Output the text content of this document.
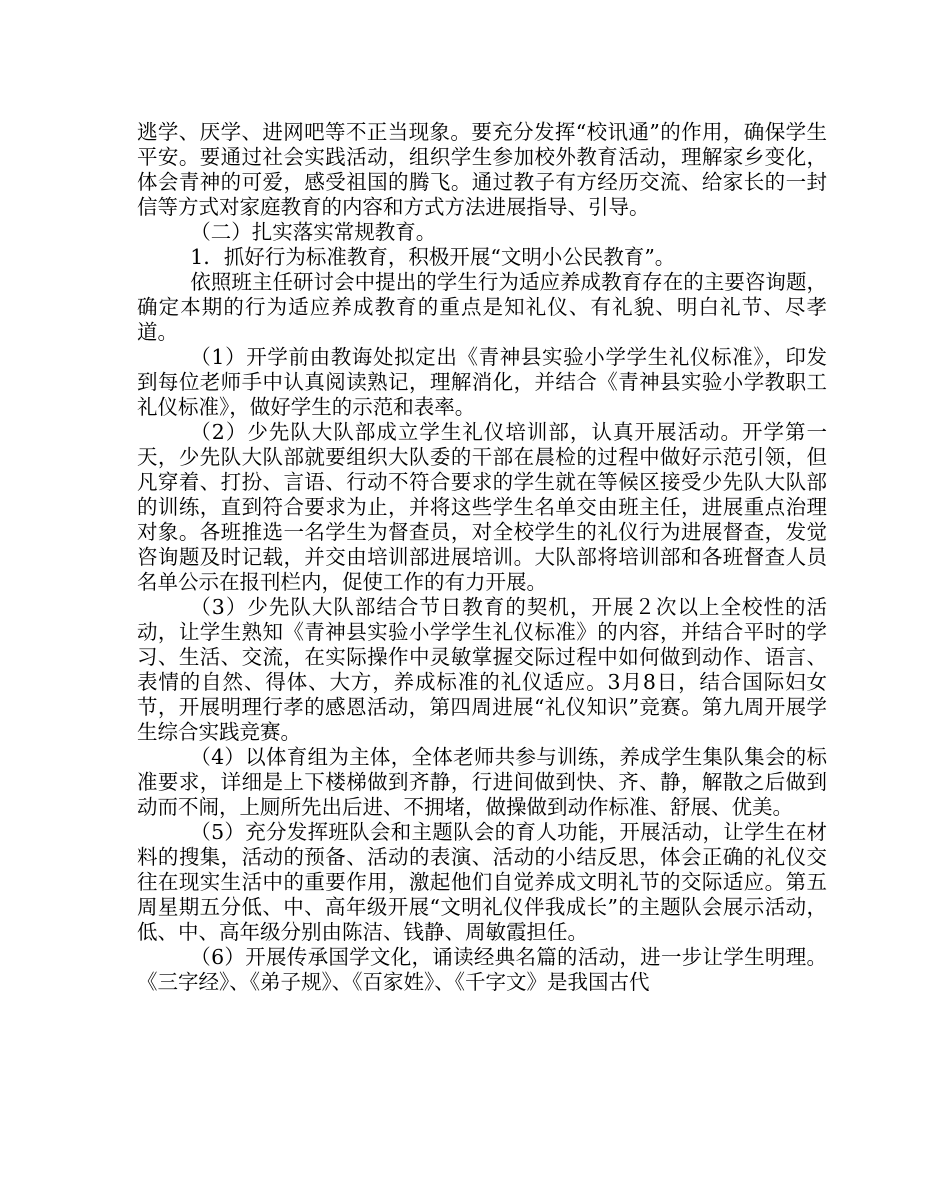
逃学、厌学、进网吧等不正当现象。要充分发挥“校讯通”的作用，确保学生平安。要通过社会实践活动，组织学生参加校外教育活动，理解家乡变化，体会青神的可爱，感受祖国的腾飞。通过教子有方经历交流、给家长的一封信等方式对家庭教育的内容和方式方法进展指导、引导。

（二）扎实落实常规教育。

1．抓好行为标准教育，积极开展“文明小公民教育”。

依照班主任研讨会中提出的学生行为适应养成教育存在的主要咨询题，确定本期的行为适应养成教育的重点是知礼仪、有礼貌、明白礼节、尽孝道。

（1）开学前由教诲处拟定出《青神县实验小学学生礼仪标准》，印发到每位老师手中认真阅读熟记，理解消化，并结合《青神县实验小学教职工礼仪标准》，做好学生的示范和表率。

（2）少先队大队部成立学生礼仪培训部，认真开展活动。开学第一天，少先队大队部就要组织大队委的干部在晨检的过程中做好示范引领，但凡穿着、打扮、言语、行动不符合要求的学生就在等候区接受少先队大队部的训练，直到符合要求为止，并将这些学生名单交由班主任，进展重点治理对象。各班推选一名学生为督查员，对全校学生的礼仪行为进展督查，发觉咨询题及时记载，并交由培训部进展培训。大队部将培训部和各班督查人员名单公示在报刊栏内，促使工作的有力开展。

（3）少先队大队部结合节日教育的契机，开展２次以上全校性的活动，让学生熟知《青神县实验小学学生礼仪标准》的内容，并结合平时的学习、生活、交流，在实际操作中灵敏掌握交际过程中如何做到动作、语言、表情的自然、得体、大方，养成标准的礼仪适应。3月8日，结合国际妇女节，开展明理行孝的感恩活动，第四周进展“礼仪知识”竞赛。第九周开展学生综合实践竞赛。

（4）以体育组为主体，全体老师共参与训练，养成学生集队集会的标准要求，详细是上下楼梯做到齐静，行进间做到快、齐、静，解散之后做到动而不闹，上厕所先出后进、不拥堵，做操做到动作标准、舒展、优美。

（5）充分发挥班队会和主题队会的育人功能，开展活动，让学生在材料的搜集，活动的预备、活动的表演、活动的小结反思，体会正确的礼仪交往在现实生活中的重要作用，激起他们自觉养成文明礼节的交际适应。第五周星期五分低、中、高年级开展“文明礼仪伴我成长”的主题队会展示活动，低、中、高年级分别由陈洁、钱静、周敏霞担任。

（6）开展传承国学文化，诵读经典名篇的活动，进一步让学生明理。《三字经》、《弟子规》、《百家姓》、《千字文》是我国古代
